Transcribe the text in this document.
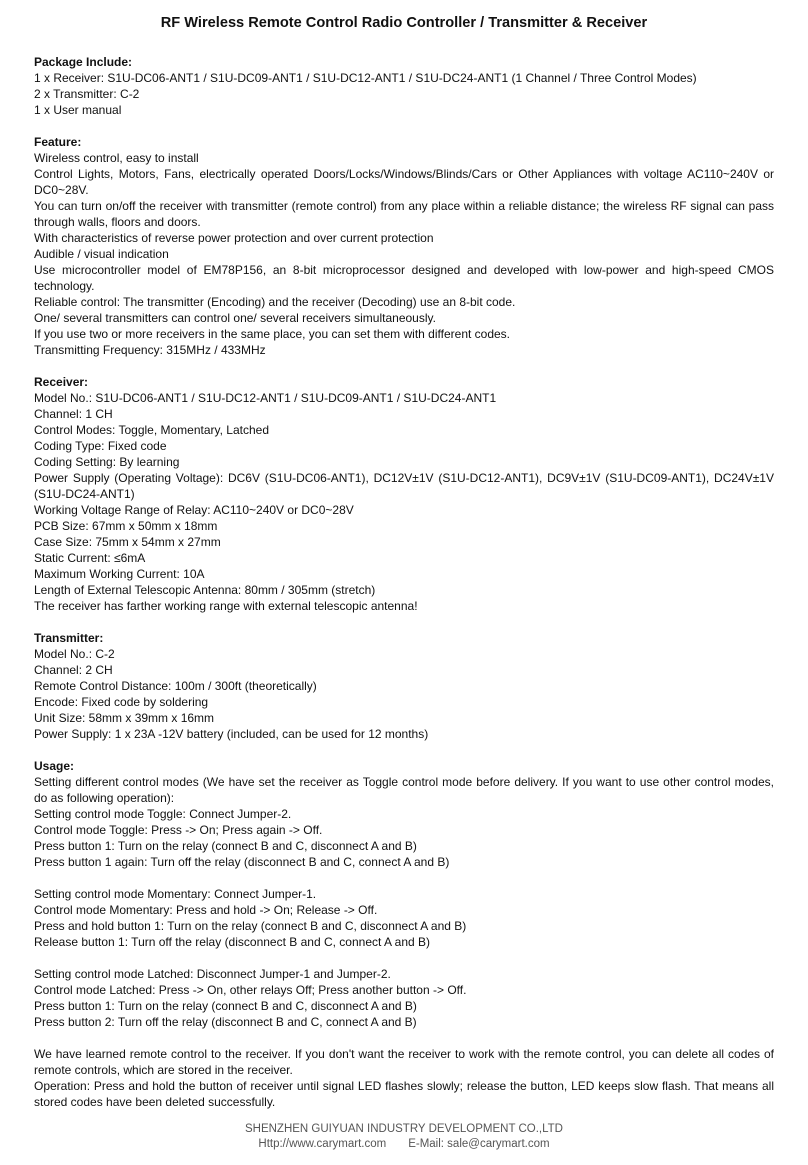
RF Wireless Remote Control Radio Controller / Transmitter & Receiver

Package Include:

1 x Receiver: S1U-DC06-ANT1 / S1U-DC09-ANT1 / S1U-DC12-ANT1 / S1U-DC24-ANT1 (1 Channel / Three Control Modes)

2 x Transmitter: C-2

1 x User manual

Feature:

Wireless control, easy to install

Control Lights, Motors, Fans, electrically operated Doors/Locks/Windows/Blinds/Cars or Other Appliances with voltage AC110~240V or DC0~28V.

You can turn on/off the receiver with transmitter (remote control) from any place within a reliable distance; the wireless RF signal can pass through walls, floors and doors.

With characteristics of reverse power protection and over current protection

Audible / visual indication

Use microcontroller model of EM78P156, an 8-bit microprocessor designed and developed with low-power and high-speed CMOS technology.

Reliable control: The transmitter (Encoding) and the receiver (Decoding) use an 8-bit code.

One/ several transmitters can control one/ several receivers simultaneously.

If you use two or more receivers in the same place, you can set them with different codes.

Transmitting Frequency: 315MHz / 433MHz

Receiver:

Model No.: S1U-DC06-ANT1 / S1U-DC12-ANT1 / S1U-DC09-ANT1 / S1U-DC24-ANT1

Channel: 1 CH

Control Modes: Toggle, Momentary, Latched

Coding Type: Fixed code

Coding Setting: By learning

Power Supply (Operating Voltage): DC6V (S1U-DC06-ANT1), DC12V±1V (S1U-DC12-ANT1), DC9V±1V (S1U-DC09-ANT1), DC24V±1V (S1U-DC24-ANT1)

Working Voltage Range of Relay: AC110~240V or DC0~28V

PCB Size: 67mm x 50mm x 18mm

Case Size: 75mm x 54mm x 27mm

Static Current: ≤6mA

Maximum Working Current: 10A

Length of External Telescopic Antenna: 80mm / 305mm (stretch)

The receiver has farther working range with external telescopic antenna!

Transmitter:

Model No.: C-2

Channel: 2 CH

Remote Control Distance: 100m / 300ft (theoretically)

Encode: Fixed code by soldering

Unit Size: 58mm x 39mm x 16mm

Power Supply: 1 x 23A -12V battery (included, can be used for 12 months)

Usage:

Setting different control modes (We have set the receiver as Toggle control mode before delivery. If you want to use other control modes, do as following operation):

Setting control mode Toggle: Connect Jumper-2.

Control mode Toggle: Press -> On; Press again -> Off.

Press button 1: Turn on the relay (connect B and C, disconnect A and B)

Press button 1 again: Turn off the relay (disconnect B and C, connect A and B)

Setting control mode Momentary: Connect Jumper-1.

Control mode Momentary: Press and hold -> On; Release -> Off.

Press and hold button 1: Turn on the relay (connect B and C, disconnect A and B)

Release button 1: Turn off the relay (disconnect B and C, connect A and B)

Setting control mode Latched: Disconnect Jumper-1 and Jumper-2.

Control mode Latched: Press -> On, other relays Off; Press another button -> Off.

Press button 1: Turn on the relay (connect B and C, disconnect A and B)

Press button 2: Turn off the relay (disconnect B and C, connect A and B)

We have learned remote control to the receiver. If you don't want the receiver to work with the remote control, you can delete all codes of remote controls, which are stored in the receiver.

Operation: Press and hold the button of receiver until signal LED flashes slowly; release the button, LED keeps slow flash. That means all stored codes have been deleted successfully.

SHENZHEN GUIYUAN INDUSTRY DEVELOPMENT CO.,LTD
Http://www.carymart.com E-Mail: sale@carymart.com
